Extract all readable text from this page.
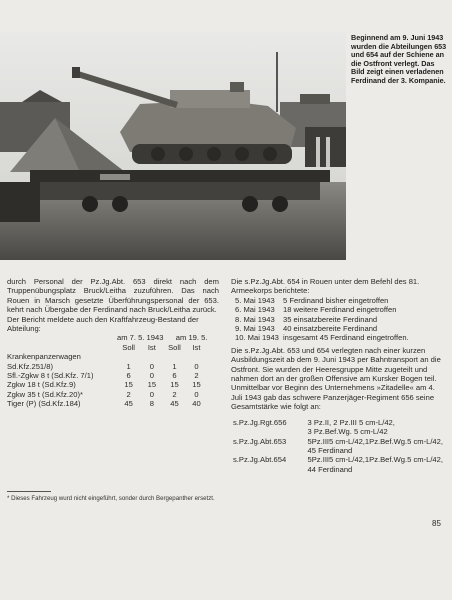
Beginnend am 9. Juni 1943 wurden die Abteilungen 653 und 654 auf der Schiene an die Ostfront verlegt. Das Bild zeigt einen verladenen Ferdinand der 3. Kompanie.

durch Personal der Pz.Jg.Abt. 653 direkt nach dem Truppenübungsplatz Bruck/Leitha zuzuführen. Das nach Rouen in Marsch gesetzte Überführungspersonal der 653. kehrt nach Übergabe der Ferdinand nach Bruck/Leitha zurück.

Der Bericht meldete auch den Kraftfahrzeug-Bestand der Abteilung:

	am 7. 5. 1943		am 19. 5.	
	Soll	Ist	Soll	Ist
Krankenpanzerwagen				
Sd.Kfz.251/8)	1	0	1	0
Sfl.-Zgkw 8 t (Sd.Kfz. 7/1)	6	0	6	2
Zgkw 18 t (Sd.Kfz.9)	15	15	15	15
Zgkw 35 t (Sd.Kfz.20)*	2	0	2	0
Tiger (P) (Sd.Kfz.184)	45	8	45	40
* Dieses Fahrzeug wurd nicht eingeführt, sonder durch Bergepanther ersetzt.

Die s.Pz.Jg.Abt. 654 in Rouen unter dem Befehl des 81. Armeekorps berichtete:

5. Mai 1943	5 Ferdinand bisher eingetroffen
6. Mai 1943	18 weitere Ferdinand eingetroffen
8. Mai 1943	35 einsatzbereite Ferdinand
9. Mai 1943	40 einsatzbereite Ferdinand
10. Mai 1943	insgesamt 45 Ferdinand eingetroffen.

Die s.Pz.Jg.Abt. 653 und 654 verlegten nach einer kurzen Ausbildungszeit ab dem 9. Juni 1943 per Bahntransport an die Ostfront. Sie wurden der Heeresgruppe Mitte zugeteilt und nahmen dort an der großen Offensive am Kursker Bogen teil. Unmittelbar vor Beginn des Unternehmens »Zitadelle« am 4. Juli 1943 gab das schwere Panzerjäger-Regiment 656 seine Gesamtstärke wie folgt an:

s.Pz.Jg.Rgt.656	3 Pz.II, 2 Pz.III 5 cm-L/42,
	3 Pz.Bef.Wg. 5 cm-L/42
s.Pz.Jg.Abt.653	5Pz.III5 cm-L/42,1Pz.Bef.Wg.5 cm-L/42,
	45 Ferdinand
s.Pz.Jg.Abt.654	5Pz.III5 cm-L/42,1Pz.Bef.Wg.5 cm-L/42,
	44 Ferdinand
85
